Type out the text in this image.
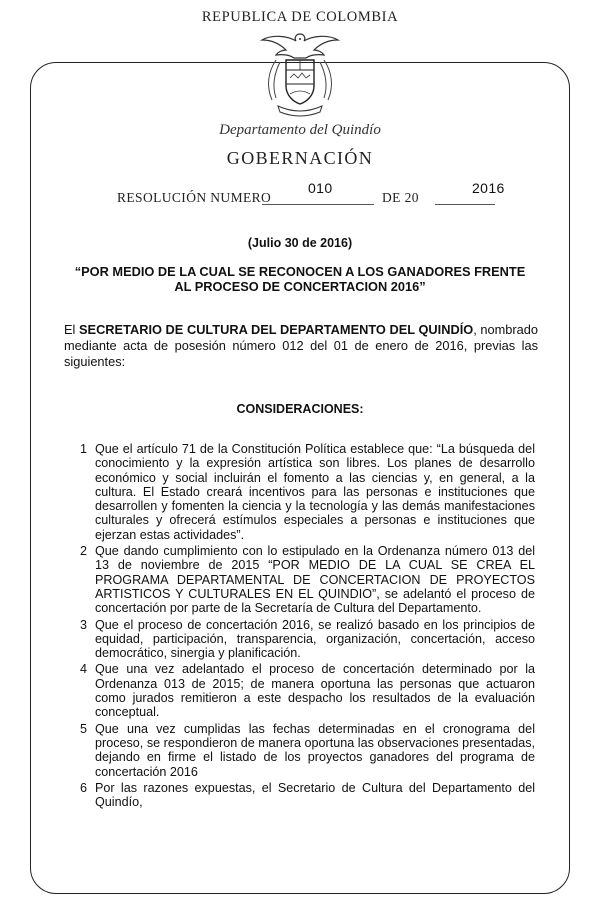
REPUBLICA DE COLOMBIA
Departamento del Quindío
GOBERNACIÓN
RESOLUCIÓN NUMERO
010
DE 20
2016
(Julio 30 de 2016)
“POR MEDIO DE LA CUAL SE RECONOCEN A LOS GANADORES FRENTE AL PROCESO DE CONCERTACION 2016”
El SECRETARIO DE CULTURA DEL DEPARTAMENTO DEL QUINDÍO, nombrado mediante acta de posesión número 012 del 01 de enero de 2016, previas las siguientes:
CONSIDERACIONES:
1 Que el artículo 71 de la Constitución Política establece que: “La búsqueda del conocimiento y la expresión artística son libres. Los planes de desarrollo económico y social incluirán el fomento a las ciencias y, en general, a la cultura. El Estado creará incentivos para las personas e instituciones que desarrollen y fomenten la ciencia y la tecnología y las demás manifestaciones culturales y ofrecerá estímulos especiales a personas e instituciones que ejerzan estas actividades”.
2 Que dando cumplimiento con lo estipulado en la Ordenanza número 013 del 13 de noviembre de 2015 “POR MEDIO DE LA CUAL SE CREA EL PROGRAMA DEPARTAMENTAL DE CONCERTACION DE PROYECTOS ARTISTICOS Y CULTURALES EN EL QUINDIO”, se adelantó el proceso de concertación por parte de la Secretaría de Cultura del Departamento.
3 Que el proceso de concertación 2016, se realizó basado en los principios de equidad, participación, transparencia, organización, concertación, acceso democrático, sinergia y planificación.
4 Que una vez adelantado el proceso de concertación determinado por la Ordenanza 013 de 2015; de manera oportuna las personas que actuaron como jurados remitieron a este despacho los resultados de la evaluación conceptual.
5 Que una vez cumplidas las fechas determinadas en el cronograma del proceso, se respondieron de manera oportuna las observaciones presentadas, dejando en firme el listado de los proyectos ganadores del programa de concertación 2016
6 Por las razones expuestas, el Secretario de Cultura del Departamento del Quindío,
